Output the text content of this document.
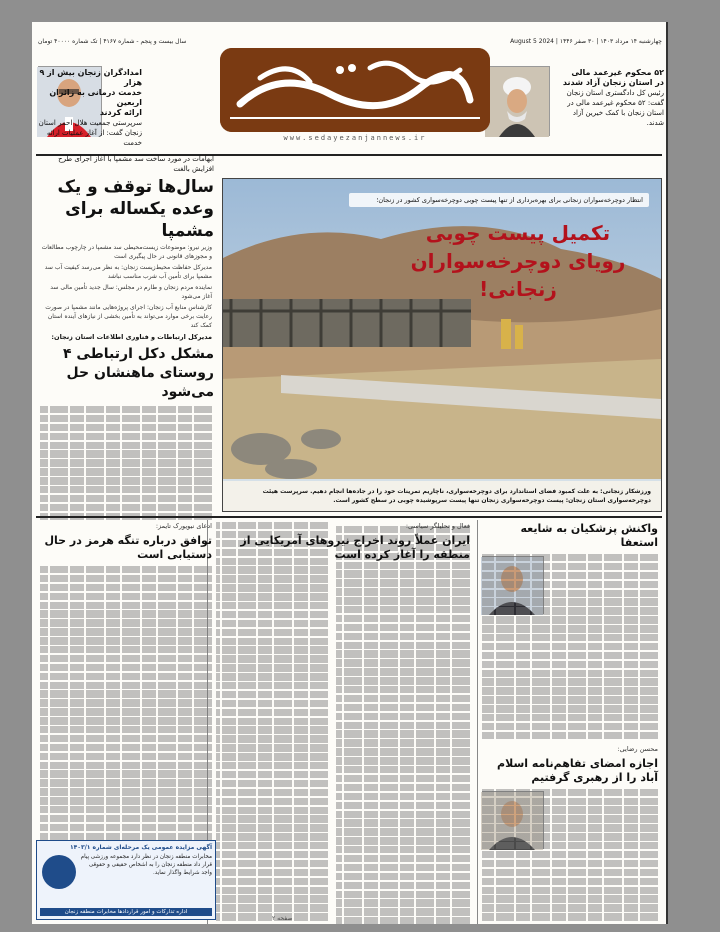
چهارشنبه ۱۴ مرداد ۱۴۰۳ | ۳۰ صفر ۱۴۴۶ | 2024 August 5
سال بیست و پنجم - شماره ۴۱۶۷ | تک شماره ۴۰۰۰۰ تومان
۵۲ محکوم غیرعمد مالی
در استان زنجان آزاد شدند
رئیس کل دادگستری استان زنجان گفت: ۵۲ محکوم غیرعمد مالی در استان زنجان با کمک خیرین آزاد شدند.
www.sedayezanjannews.ir
امدادگران زنجان بیش از ۹ هزار
خدمت درمانی به زائران اربعین
ارائه کردند
سرپرستی جمعیت هلال احمر استان زنجان گفت: از آغاز عملیات ارائه خدمت
ابهامات در مورد ساخت سد مشمپا با آغاز اجرای طرح افزایش بالغت
سال‌ها توقف و یک وعده یکساله برای مشمپا
وزیر نیرو: موضوعات زیست‌محیطی سد مشمپا در چارچوب مطالعات و مجوزهای قانونی در حال پیگیری است
مدیرکل حفاظت محیط‌زیست زنجان: به نظر می‌رسد کیفیت آب سد مشمپا برای تأمین آب شرب مناسب نباشد
نماینده مردم زنجان و طارم در مجلس: سال جدید تأمین مالی سد آغاز می‌شود
کارشناس منابع آب زنجان: اجرای پروژه‌هایی مانند مشمپا در صورت رعایت برخی موارد می‌تواند به تأمین بخشی از نیازهای آینده استان کمک کند
مدیرکل ارتباطات و فناوری اطلاعات استان زنجان:
مشکل دکل ارتباطی ۴ روستای ماهنشان حل می‌شود
انتظار دوچرخه‌سواران زنجانی برای بهره‌برداری از تنها پیست چوبی دوچرخه‌سواری کشور در زنجان؛
تکمیل پیست چوبی رویای دوچرخه‌سواران زنجانی!
ورزشکار زنجانی: به علت کمبود فضای استاندارد برای دوچرخه‌سواری، ناچاریم تمرینات خود را در جاده‌ها انجام دهیم. سرپرست هیئت دوچرخه‌سواری استان زنجان: پیست دوچرخه‌سواری زنجان تنها پیست سرپوشیده چوبی در سطح کشور است.
واکنش پزشکیان به شایعه استعفا
محسن رضایی:
اجازه امضای تفاهم‌نامه اسلام آباد را از رهبری گرفتیم
فعال و تحلیلگر سیاسی:
ایران عملاً روند اخراج نیروهای آمریکایی از منطقه را آغاز کرده است
ادعای نیویورک تایمز:
توافق درباره تنگه هرمز در حال دستیابی است
آگهی مزایده عمومی یک مرحله‌ای شماره ۱۴۰۳/۱
مخابرات منطقه زنجان در نظر دارد مجموعه ورزشی پیام قرار داد منطقه زنجان را به اشخاص حقیقی و حقوقی واجد شرایط واگذار نماید.
اداره تدارکات و امور قراردادها مخابرات منطقه زنجان
صفحه ۲
